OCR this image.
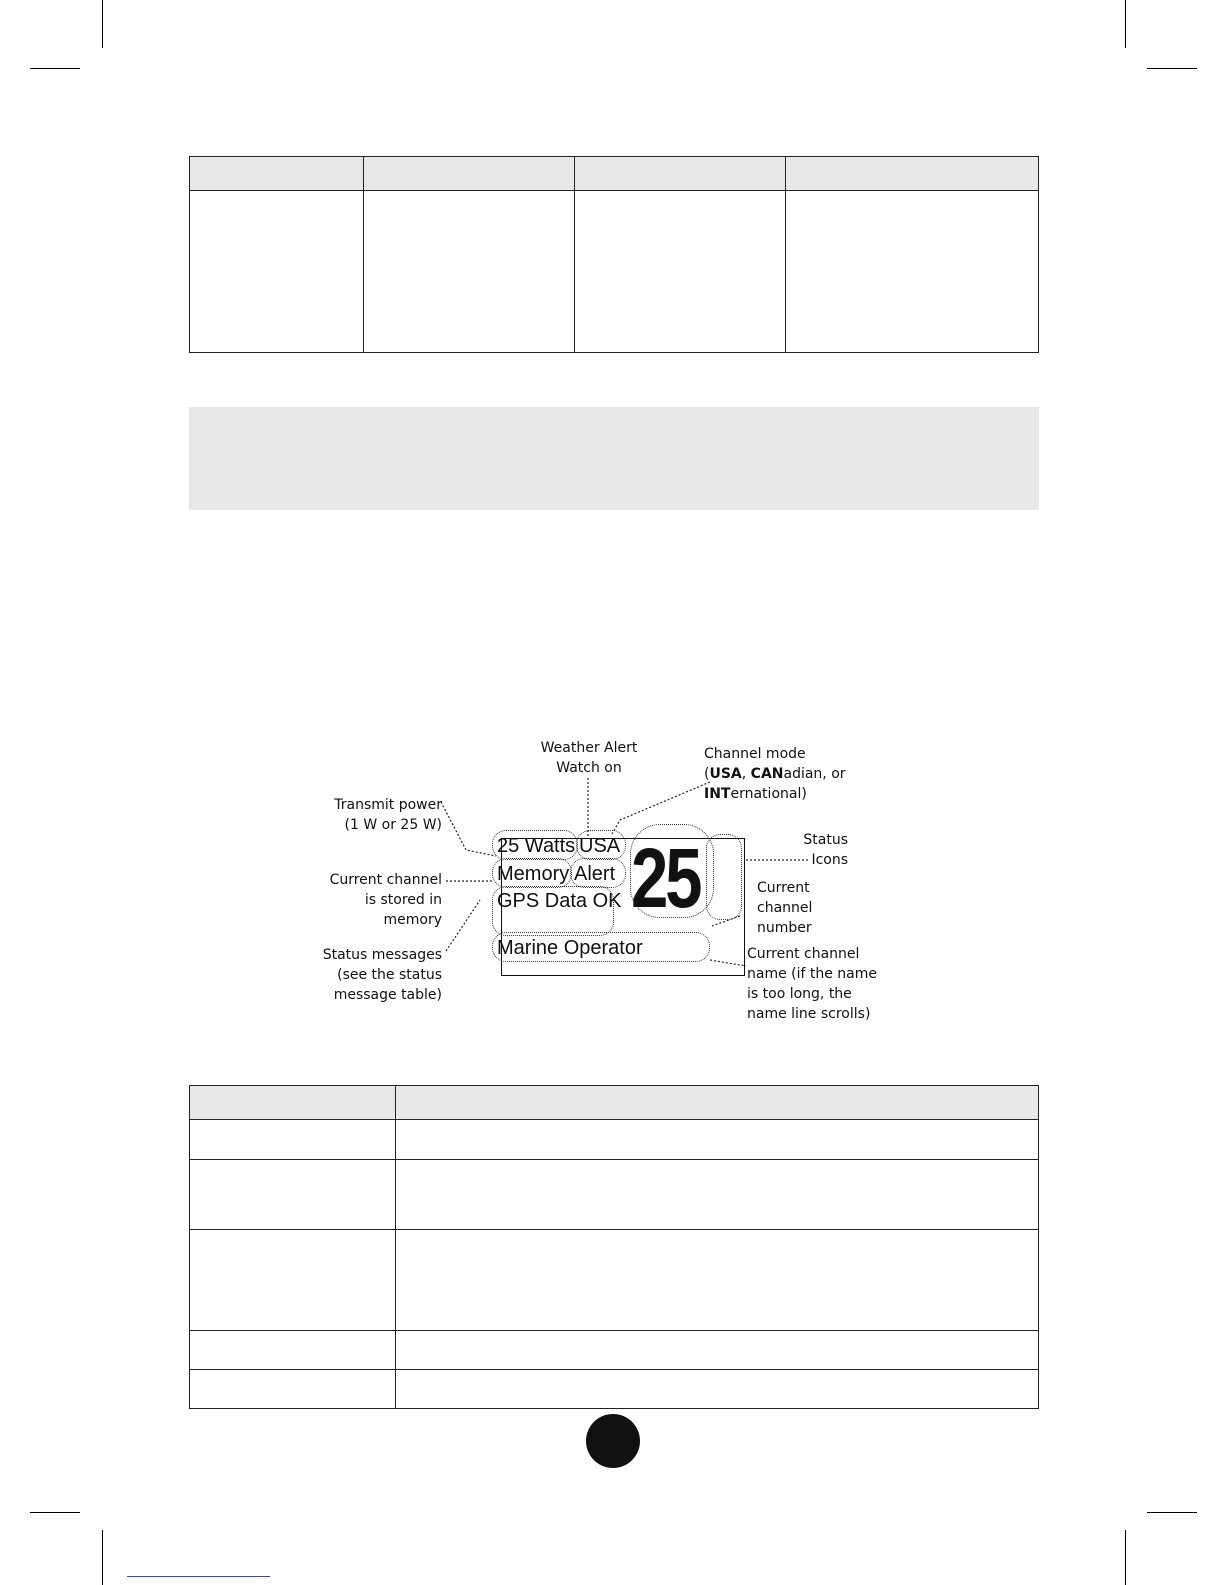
Transmit power
(1 W or 25 W)
Current channel
is stored in
memory
Status messages
(see the status
message table)
Weather Alert
Watch on
Channel mode
(USA, CANadian, or
INTernational)
Status
Icons
Current
channel
number
Current channel
name (if the name
is too long, the
name line scrolls)
25
25 Watts USA
Memory Alert
GPS Data OK
Marine Operator
